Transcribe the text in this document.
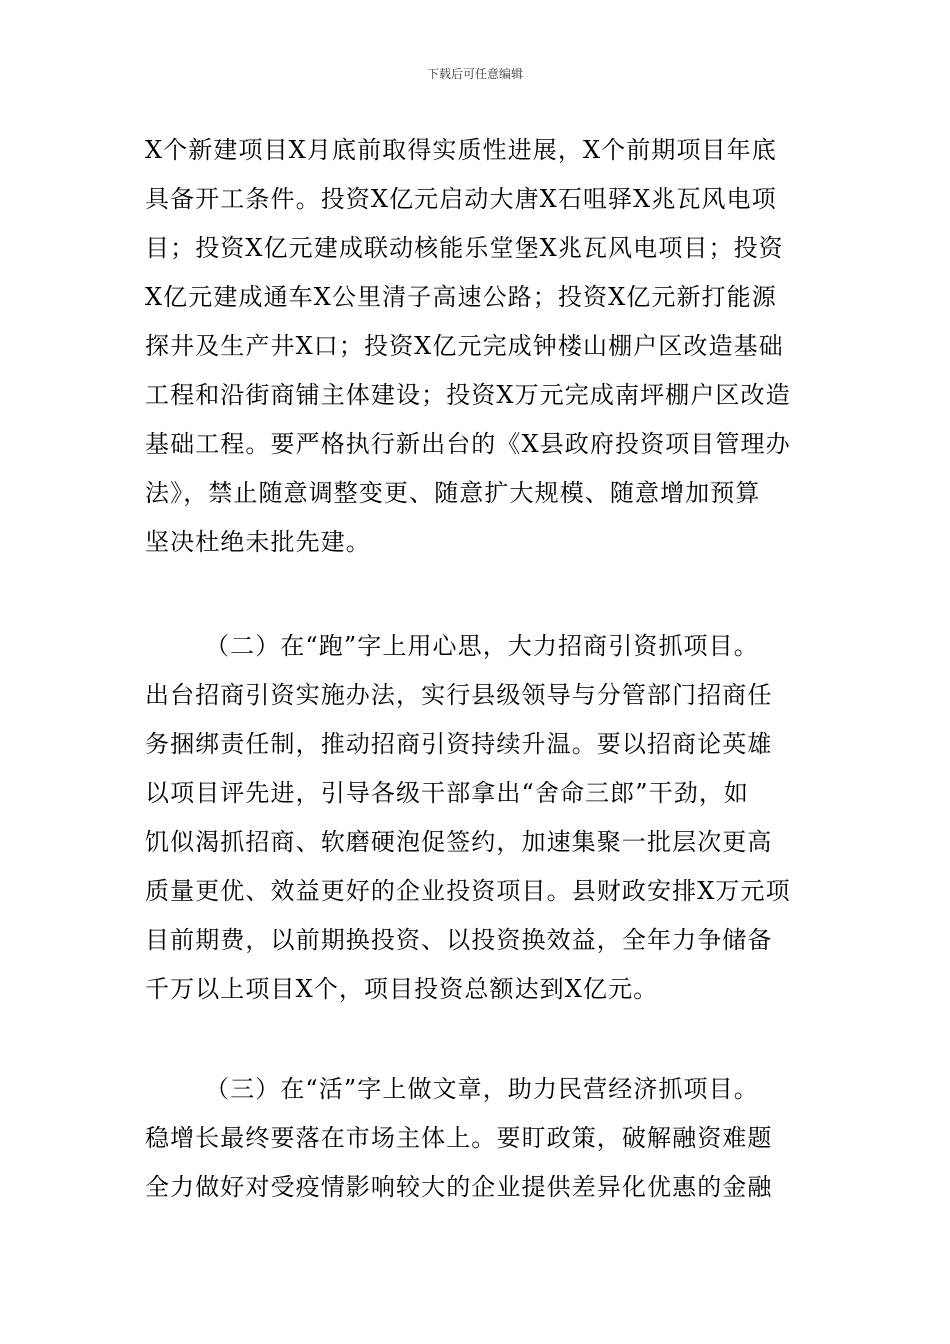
下载后可任意编辑
X个新建项目X月底前取得实质性进展，X个前期项目年底
具备开工条件。投资X亿元启动大唐X石咀驿X兆瓦风电项
目；投资X亿元建成联动核能乐堂堡X兆瓦风电项目；投资
X亿元建成通车X公里清子高速公路；投资X亿元新打能源
探井及生产井X口；投资X亿元完成钟楼山棚户区改造基础
工程和沿街商铺主体建设；投资X万元完成南坪棚户区改造
基础工程。要严格执行新出台的《X县政府投资项目管理办
法》，禁止随意调整变更、随意扩大规模、随意增加预算
坚决杜绝未批先建。
（二）在“跑”字上用心思，大力招商引资抓项目。
出台招商引资实施办法，实行县级领导与分管部门招商任
务捆绑责任制，推动招商引资持续升温。要以招商论英雄
以项目评先进，引导各级干部拿出“舍命三郎”干劲，如
饥似渴抓招商、软磨硬泡促签约，加速集聚一批层次更高
质量更优、效益更好的企业投资项目。县财政安排X万元项
目前期费，以前期换投资、以投资换效益，全年力争储备
千万以上项目X个，项目投资总额达到X亿元。
（三）在“活”字上做文章，助力民营经济抓项目。
稳增长最终要落在市场主体上。要盯政策，破解融资难题
全力做好对受疫情影响较大的企业提供差异化优惠的金融
